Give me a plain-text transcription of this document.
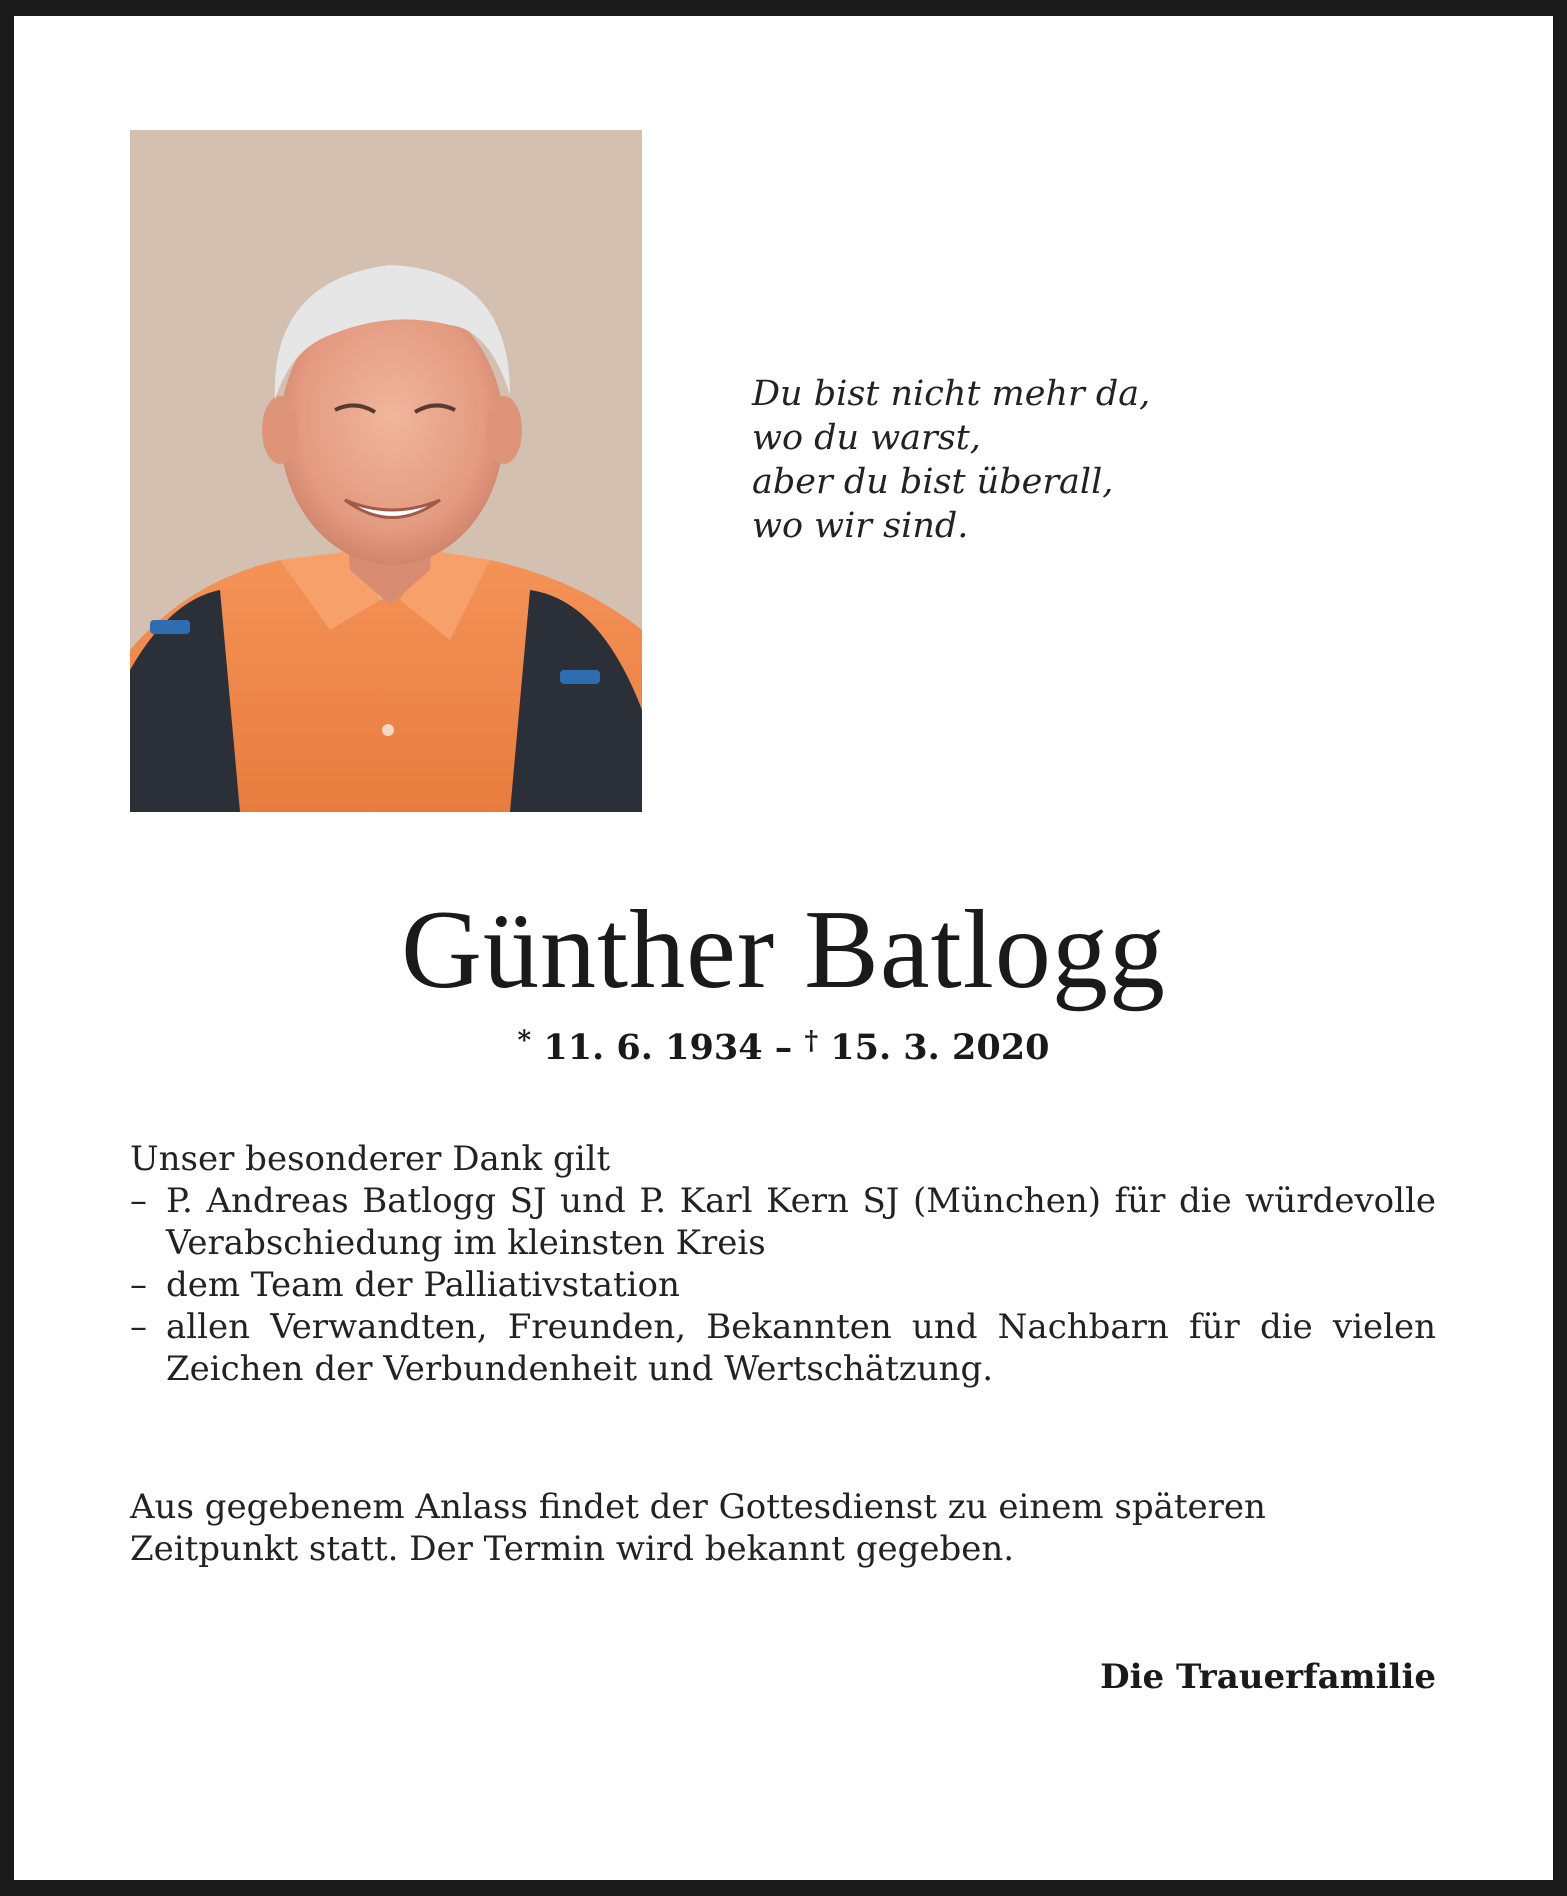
Du bist nicht mehr da,
wo du warst,
aber du bist überall,
wo wir sind.
Günther Batlogg
* 11. 6. 1934 – † 15. 3. 2020
Unser besonderer Dank gilt
– P. Andreas Batlogg SJ und P. Karl Kern SJ (München) für die würdevolle Verabschiedung im kleinsten Kreis
– dem Team der Palliativstation
– allen Verwandten, Freunden, Bekannten und Nachbarn für die vielen Zeichen der Verbundenheit und Wertschätzung.
Aus gegebenem Anlass findet der Gottesdienst zu einem späteren Zeitpunkt statt. Der Termin wird bekannt gegeben.
Die Trauerfamilie
